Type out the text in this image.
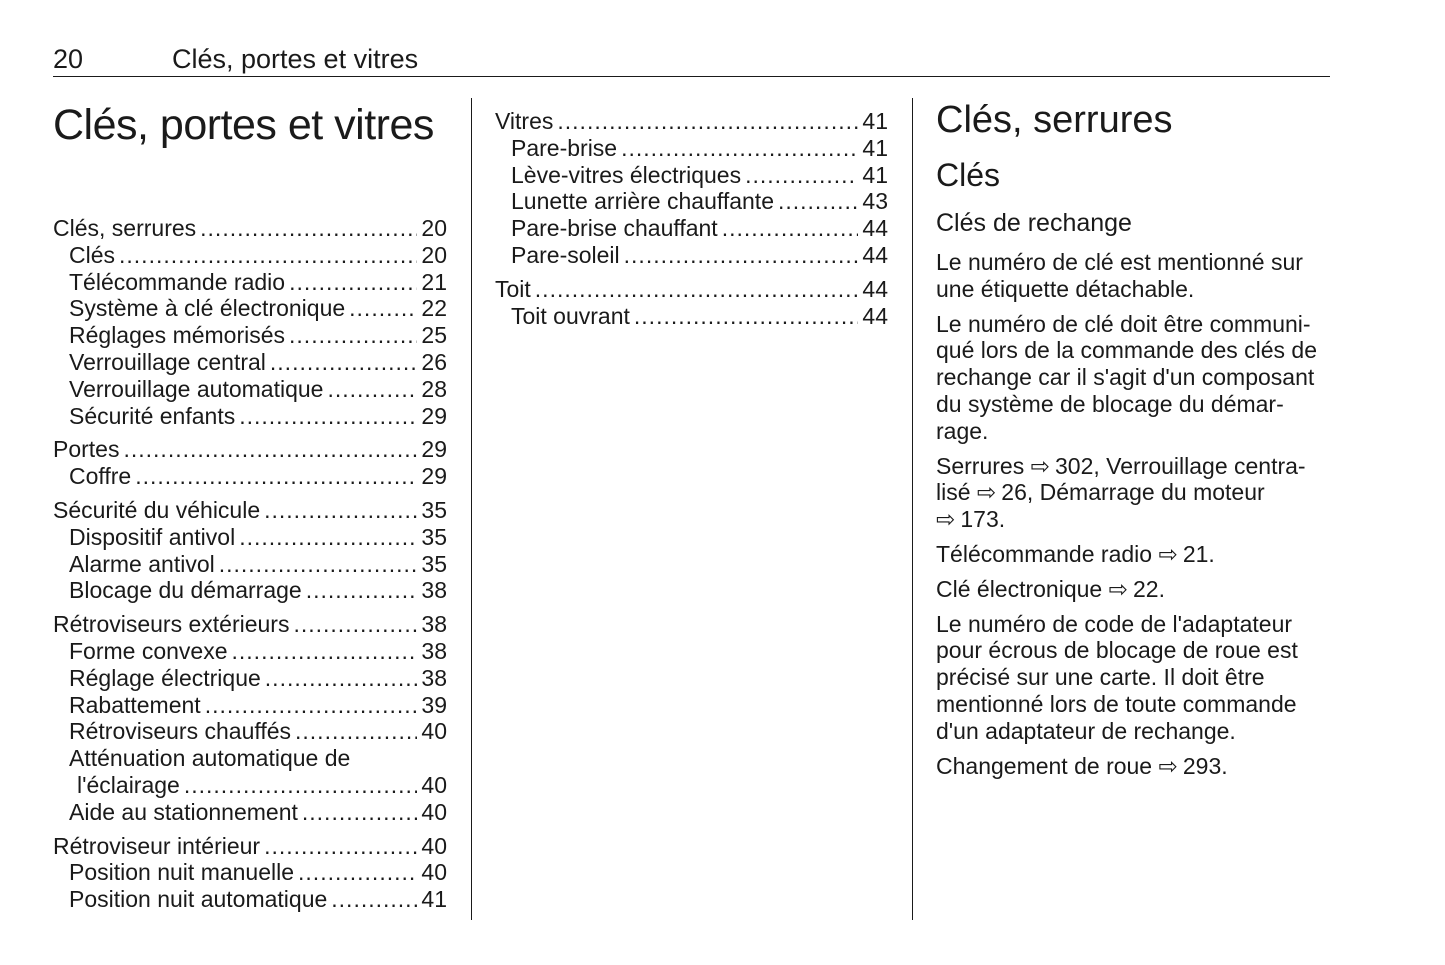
20	Clés, portes et vitres
Clés, portes et vitres
Clés, serrures .....	20
Clés .....	20
Télécommande radio .....	21
Système à clé électronique .....	22
Réglages mémorisés .....	25
Verrouillage central .....	26
Verrouillage automatique .....	28
Sécurité enfants .....	29
Portes .....	29
Coffre .....	29
Sécurité du véhicule .....	35
Dispositif antivol .....	35
Alarme antivol .....	35
Blocage du démarrage .....	38
Rétroviseurs extérieurs .....	38
Forme convexe .....	38
Réglage électrique .....	38
Rabattement .....	39
Rétroviseurs chauffés .....	40
Atténuation automatique de
l'éclairage .....	40
Aide au stationnement .....	40
Rétroviseur intérieur .....	40
Position nuit manuelle .....	40
Position nuit automatique .....	41
Vitres .....	41
Pare-brise .....	41
Lève-vitres électriques .....	41
Lunette arrière chauffante .....	43
Pare-brise chauffant .....	44
Pare-soleil .....	44
Toit .....	44
Toit ouvrant .....	44
Clés, serrures
Clés
Clés de rechange
Le numéro de clé est mentionné sur
une étiquette détachable.
Le numéro de clé doit être communi-
qué lors de la commande des clés de
rechange car il s'agit d'un composant
du système de blocage du démar-
rage.
Serrures ⇨ 302, Verrouillage centra-
lisé ⇨ 26, Démarrage du moteur
⇨ 173.
Télécommande radio ⇨ 21.
Clé électronique ⇨ 22.
Le numéro de code de l'adaptateur
pour écrous de blocage de roue est
précisé sur une carte. Il doit être
mentionné lors de toute commande
d'un adaptateur de rechange.
Changement de roue ⇨ 293.
